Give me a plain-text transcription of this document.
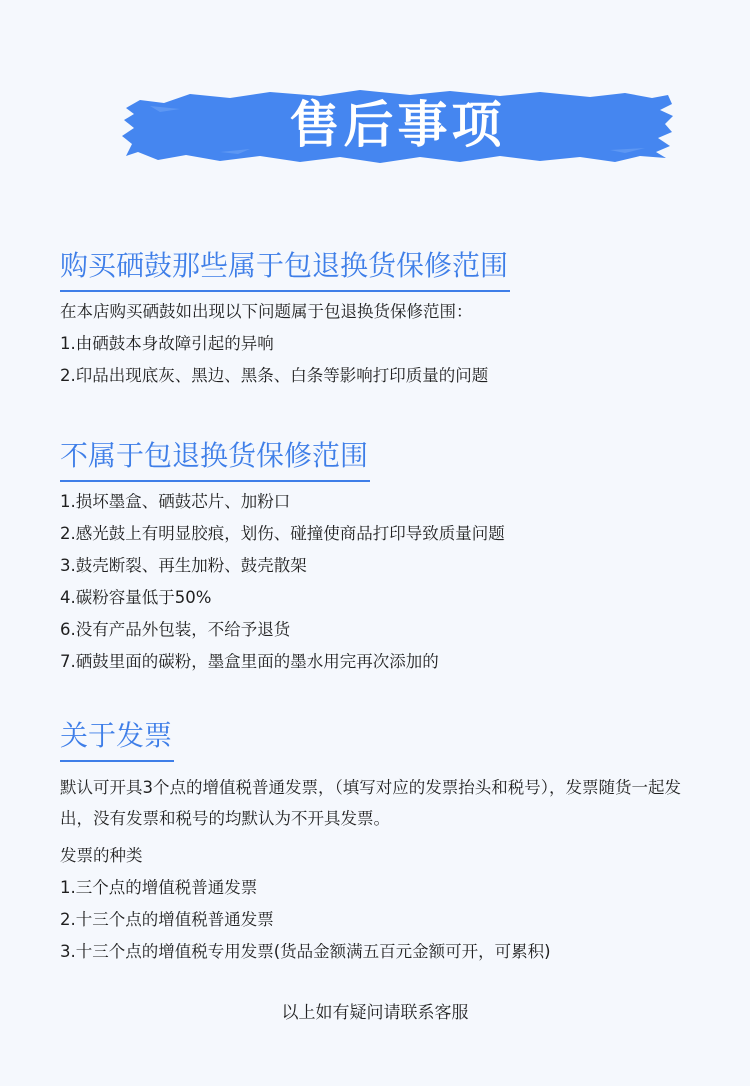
售后事项
购买硒鼓那些属于包退换货保修范围

在本店购买硒鼓如出现以下问题属于包退换货保修范围：

1.由硒鼓本身故障引起的异响

2.印品出现底灰、黑边、黑条、白条等影响打印质量的问题

不属于包退换货保修范围

1.损坏墨盒、硒鼓芯片、加粉口

2.感光鼓上有明显胶痕，划伤、碰撞使商品打印导致质量问题

3.鼓壳断裂、再生加粉、鼓壳散架

4.碳粉容量低于50%

6.没有产品外包装，不给予退货

7.硒鼓里面的碳粉，墨盒里面的墨水用完再次添加的

关于发票

默认可开具3个点的增值税普通发票，（填写对应的发票抬头和税号），发票随货一起发出，没有发票和税号的均默认为不开具发票。

发票的种类

1.三个点的增值税普通发票

2.十三个点的增值税普通发票

3.十三个点的增值税专用发票(货品金额满五百元金额可开，可累积)

以上如有疑问请联系客服
